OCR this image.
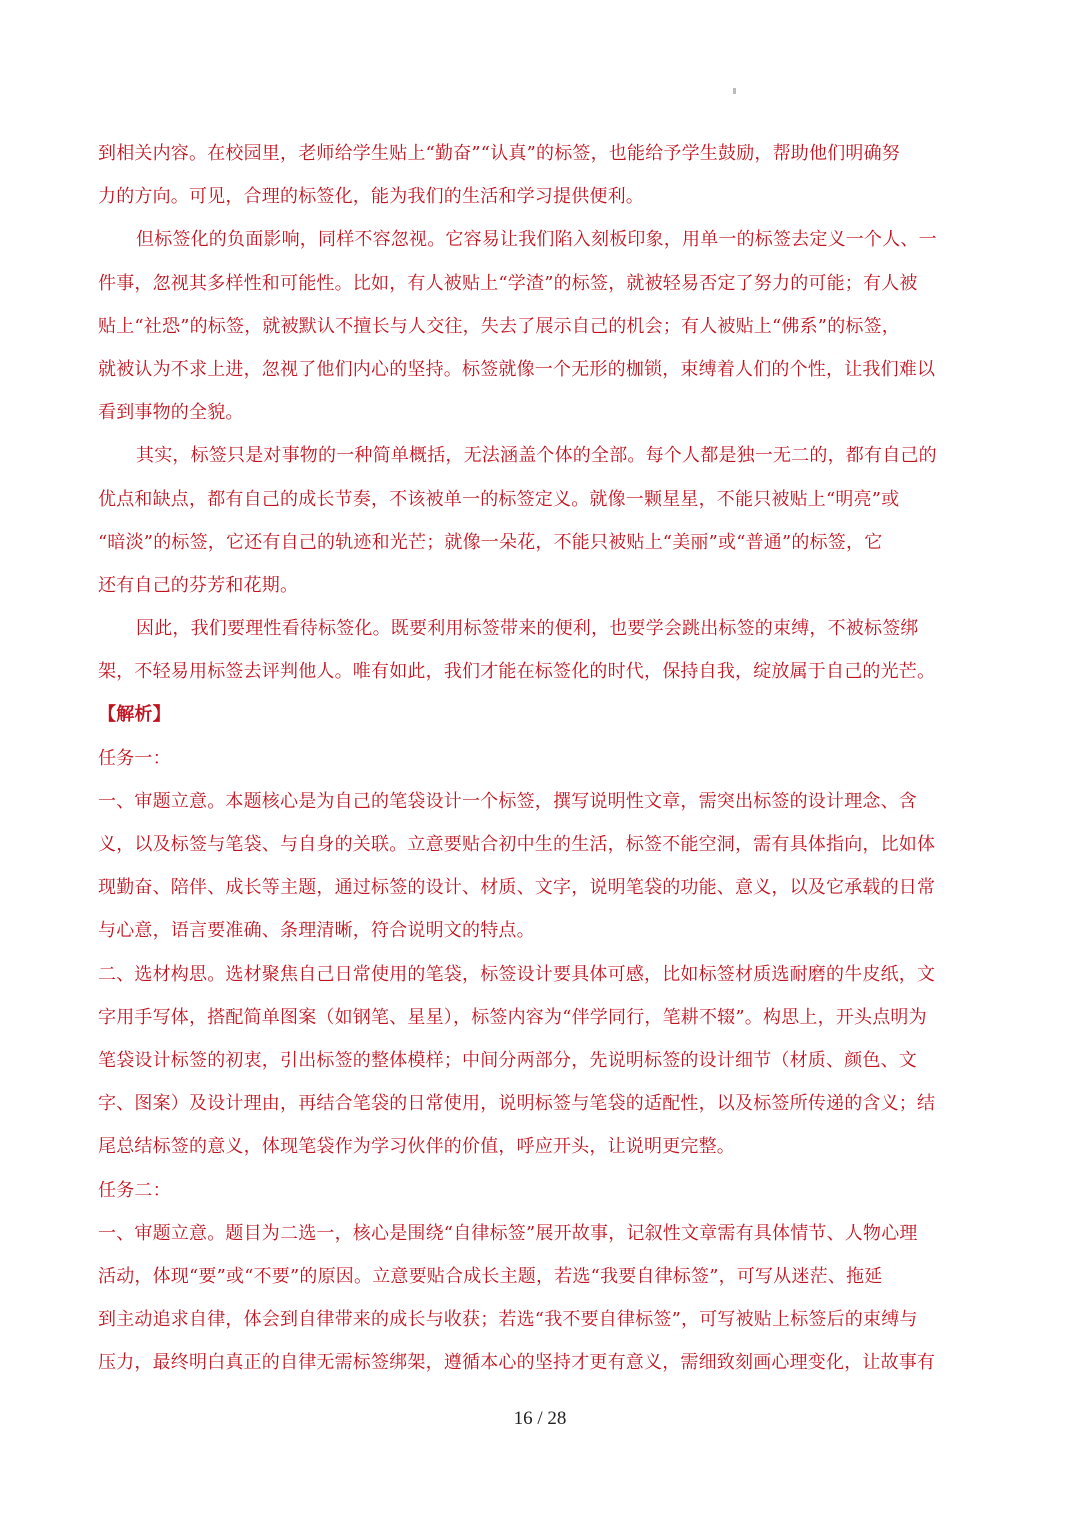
到相关内容。在校园里，老师给学生贴上“勤奋”“认真”的标签，也能给予学生鼓励，帮助他们明确努
力的方向。可见，合理的标签化，能为我们的生活和学习提供便利。
但标签化的负面影响，同样不容忽视。它容易让我们陷入刻板印象，用单一的标签去定义一个人、一
件事，忽视其多样性和可能性。比如，有人被贴上“学渣”的标签，就被轻易否定了努力的可能；有人被
贴上“社恐”的标签，就被默认不擅长与人交往，失去了展示自己的机会；有人被贴上“佛系”的标签，
就被认为不求上进，忽视了他们内心的坚持。标签就像一个无形的枷锁，束缚着人们的个性，让我们难以
看到事物的全貌。
其实，标签只是对事物的一种简单概括，无法涵盖个体的全部。每个人都是独一无二的，都有自己的
优点和缺点，都有自己的成长节奏，不该被单一的标签定义。就像一颗星星，不能只被贴上“明亮”或
“暗淡”的标签，它还有自己的轨迹和光芒；就像一朵花，不能只被贴上“美丽”或“普通”的标签，它
还有自己的芬芳和花期。
因此，我们要理性看待标签化。既要利用标签带来的便利，也要学会跳出标签的束缚，不被标签绑
架，不轻易用标签去评判他人。唯有如此，我们才能在标签化的时代，保持自我，绽放属于自己的光芒。
【解析】
任务一：
一、审题立意。本题核心是为自己的笔袋设计一个标签，撰写说明性文章，需突出标签的设计理念、含
义，以及标签与笔袋、与自身的关联。立意要贴合初中生的生活，标签不能空洞，需有具体指向，比如体
现勤奋、陪伴、成长等主题，通过标签的设计、材质、文字，说明笔袋的功能、意义，以及它承载的日常
与心意，语言要准确、条理清晰，符合说明文的特点。
二、选材构思。选材聚焦自己日常使用的笔袋，标签设计要具体可感，比如标签材质选耐磨的牛皮纸，文
字用手写体，搭配简单图案（如钢笔、星星），标签内容为“伴学同行，笔耕不辍”。构思上，开头点明为
笔袋设计标签的初衷，引出标签的整体模样；中间分两部分，先说明标签的设计细节（材质、颜色、文
字、图案）及设计理由，再结合笔袋的日常使用，说明标签与笔袋的适配性，以及标签所传递的含义；结
尾总结标签的意义，体现笔袋作为学习伙伴的价值，呼应开头，让说明更完整。
任务二：
一、审题立意。题目为二选一，核心是围绕“自律标签”展开故事，记叙性文章需有具体情节、人物心理
活动，体现“要”或“不要”的原因。立意要贴合成长主题，若选“我要自律标签”，可写从迷茫、拖延
到主动追求自律，体会到自律带来的成长与收获；若选“我不要自律标签”，可写被贴上标签后的束缚与
压力，最终明白真正的自律无需标签绑架，遵循本心的坚持才更有意义，需细致刻画心理变化，让故事有
16 / 28
